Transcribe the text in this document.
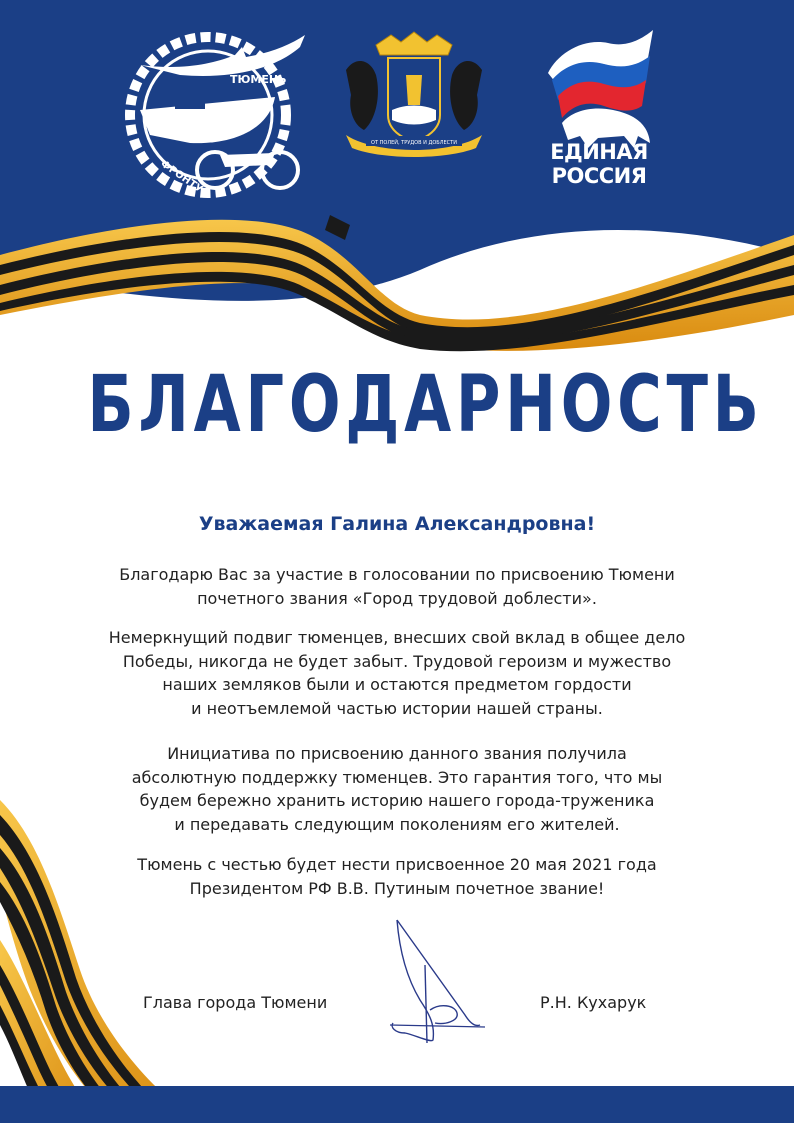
ТЮМЕНЬ
ФРОНТУ
ОТ ПОЛЕЙ, ТРУДОВ И ДОБЛЕСТИ	ЕДИНАЯ
РОССИЯ
БЛАГОДАРНОСТЬ
Уважаемая Галина Александровна!
Благодарю Вас за участие в голосовании по присвоению Тюмени
почетного звания «Город трудовой доблести».
Немеркнущий подвиг тюменцев, внесших свой вклад в общее дело
Победы, никогда не будет забыт. Трудовой героизм и мужество
наших земляков были и остаются предметом гордости
и неотъемлемой частью истории нашей страны.
Инициатива по присвоению данного звания получила
абсолютную поддержку тюменцев. Это гарантия того, что мы
будем бережно хранить историю нашего города-труженика
и передавать следующим поколениям его жителей.
Тюмень с честью будет нести присвоенное 20 мая 2021 года
Президентом РФ В.В. Путиным почетное звание!
Глава города Тюмени	Р.Н. Кухарук
